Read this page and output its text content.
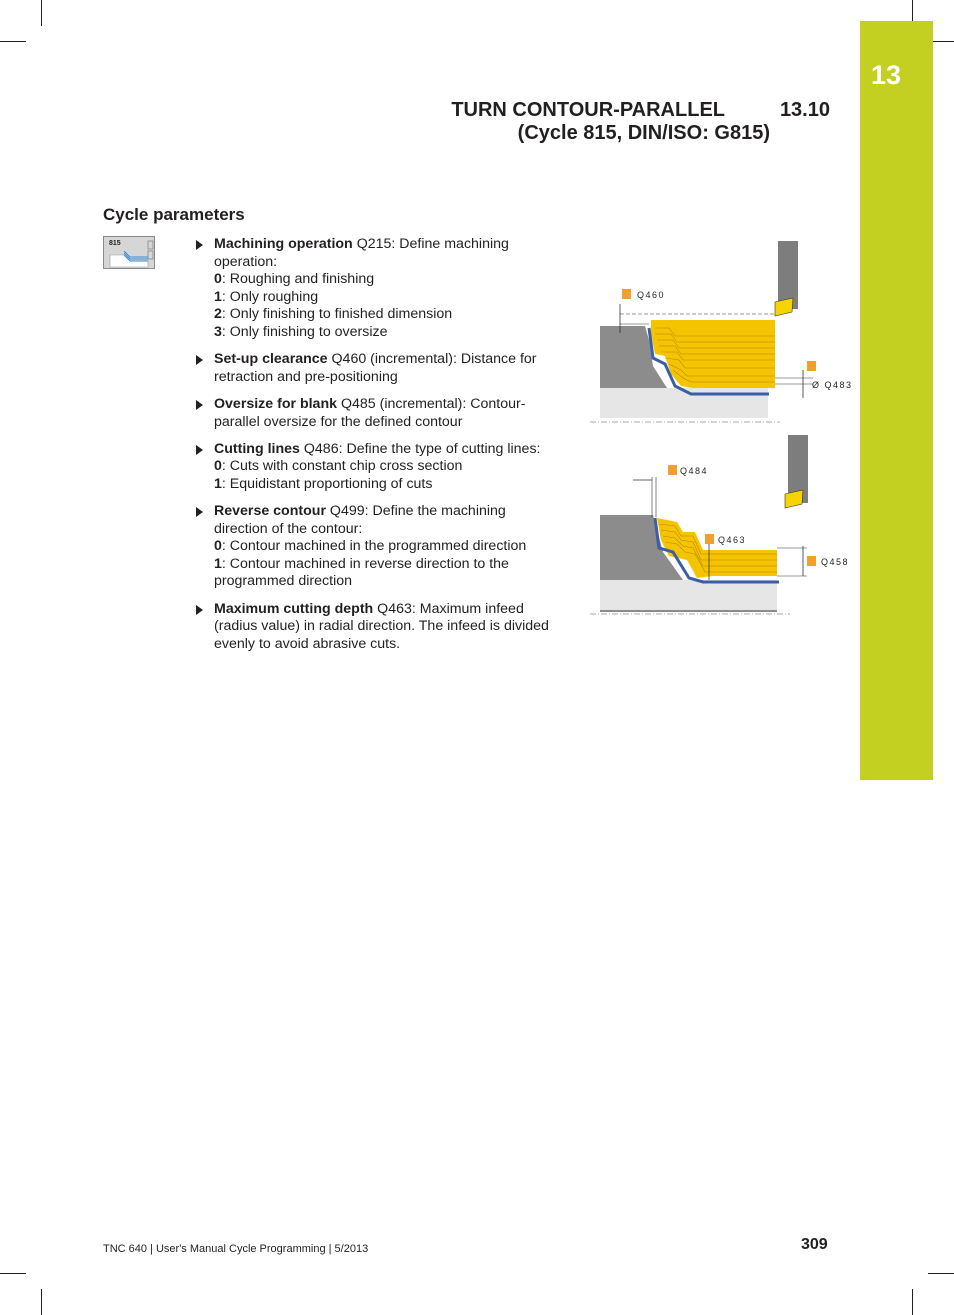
13
TURN CONTOUR-PARALLEL	13.10
(Cycle 815, DIN/ISO: G815)
Cycle parameters
815	Machining operation Q215: Define machining operation:
0: Roughing and finishing
1: Only roughing
2: Only finishing to finished dimension
3: Only finishing to oversize
Set-up clearance Q460 (incremental): Distance for retraction and pre-positioning
Oversize for blank Q485 (incremental): Contour-parallel oversize for the defined contour
Cutting lines Q486: Define the type of cutting lines:
0: Cuts with constant chip cross section
1: Equidistant proportioning of cuts
Reverse contour Q499: Define the machining direction of the contour:
0: Contour machined in the programmed direction
1: Contour machined in reverse direction to the programmed direction
Maximum cutting depth Q463: Maximum infeed (radius value) in radial direction. The infeed is divided evenly to avoid abrasive cuts.
Q460
Ø Q483
Q484
Q463
Q458
TNC 640 | User's Manual Cycle Programming | 5/2013	309
